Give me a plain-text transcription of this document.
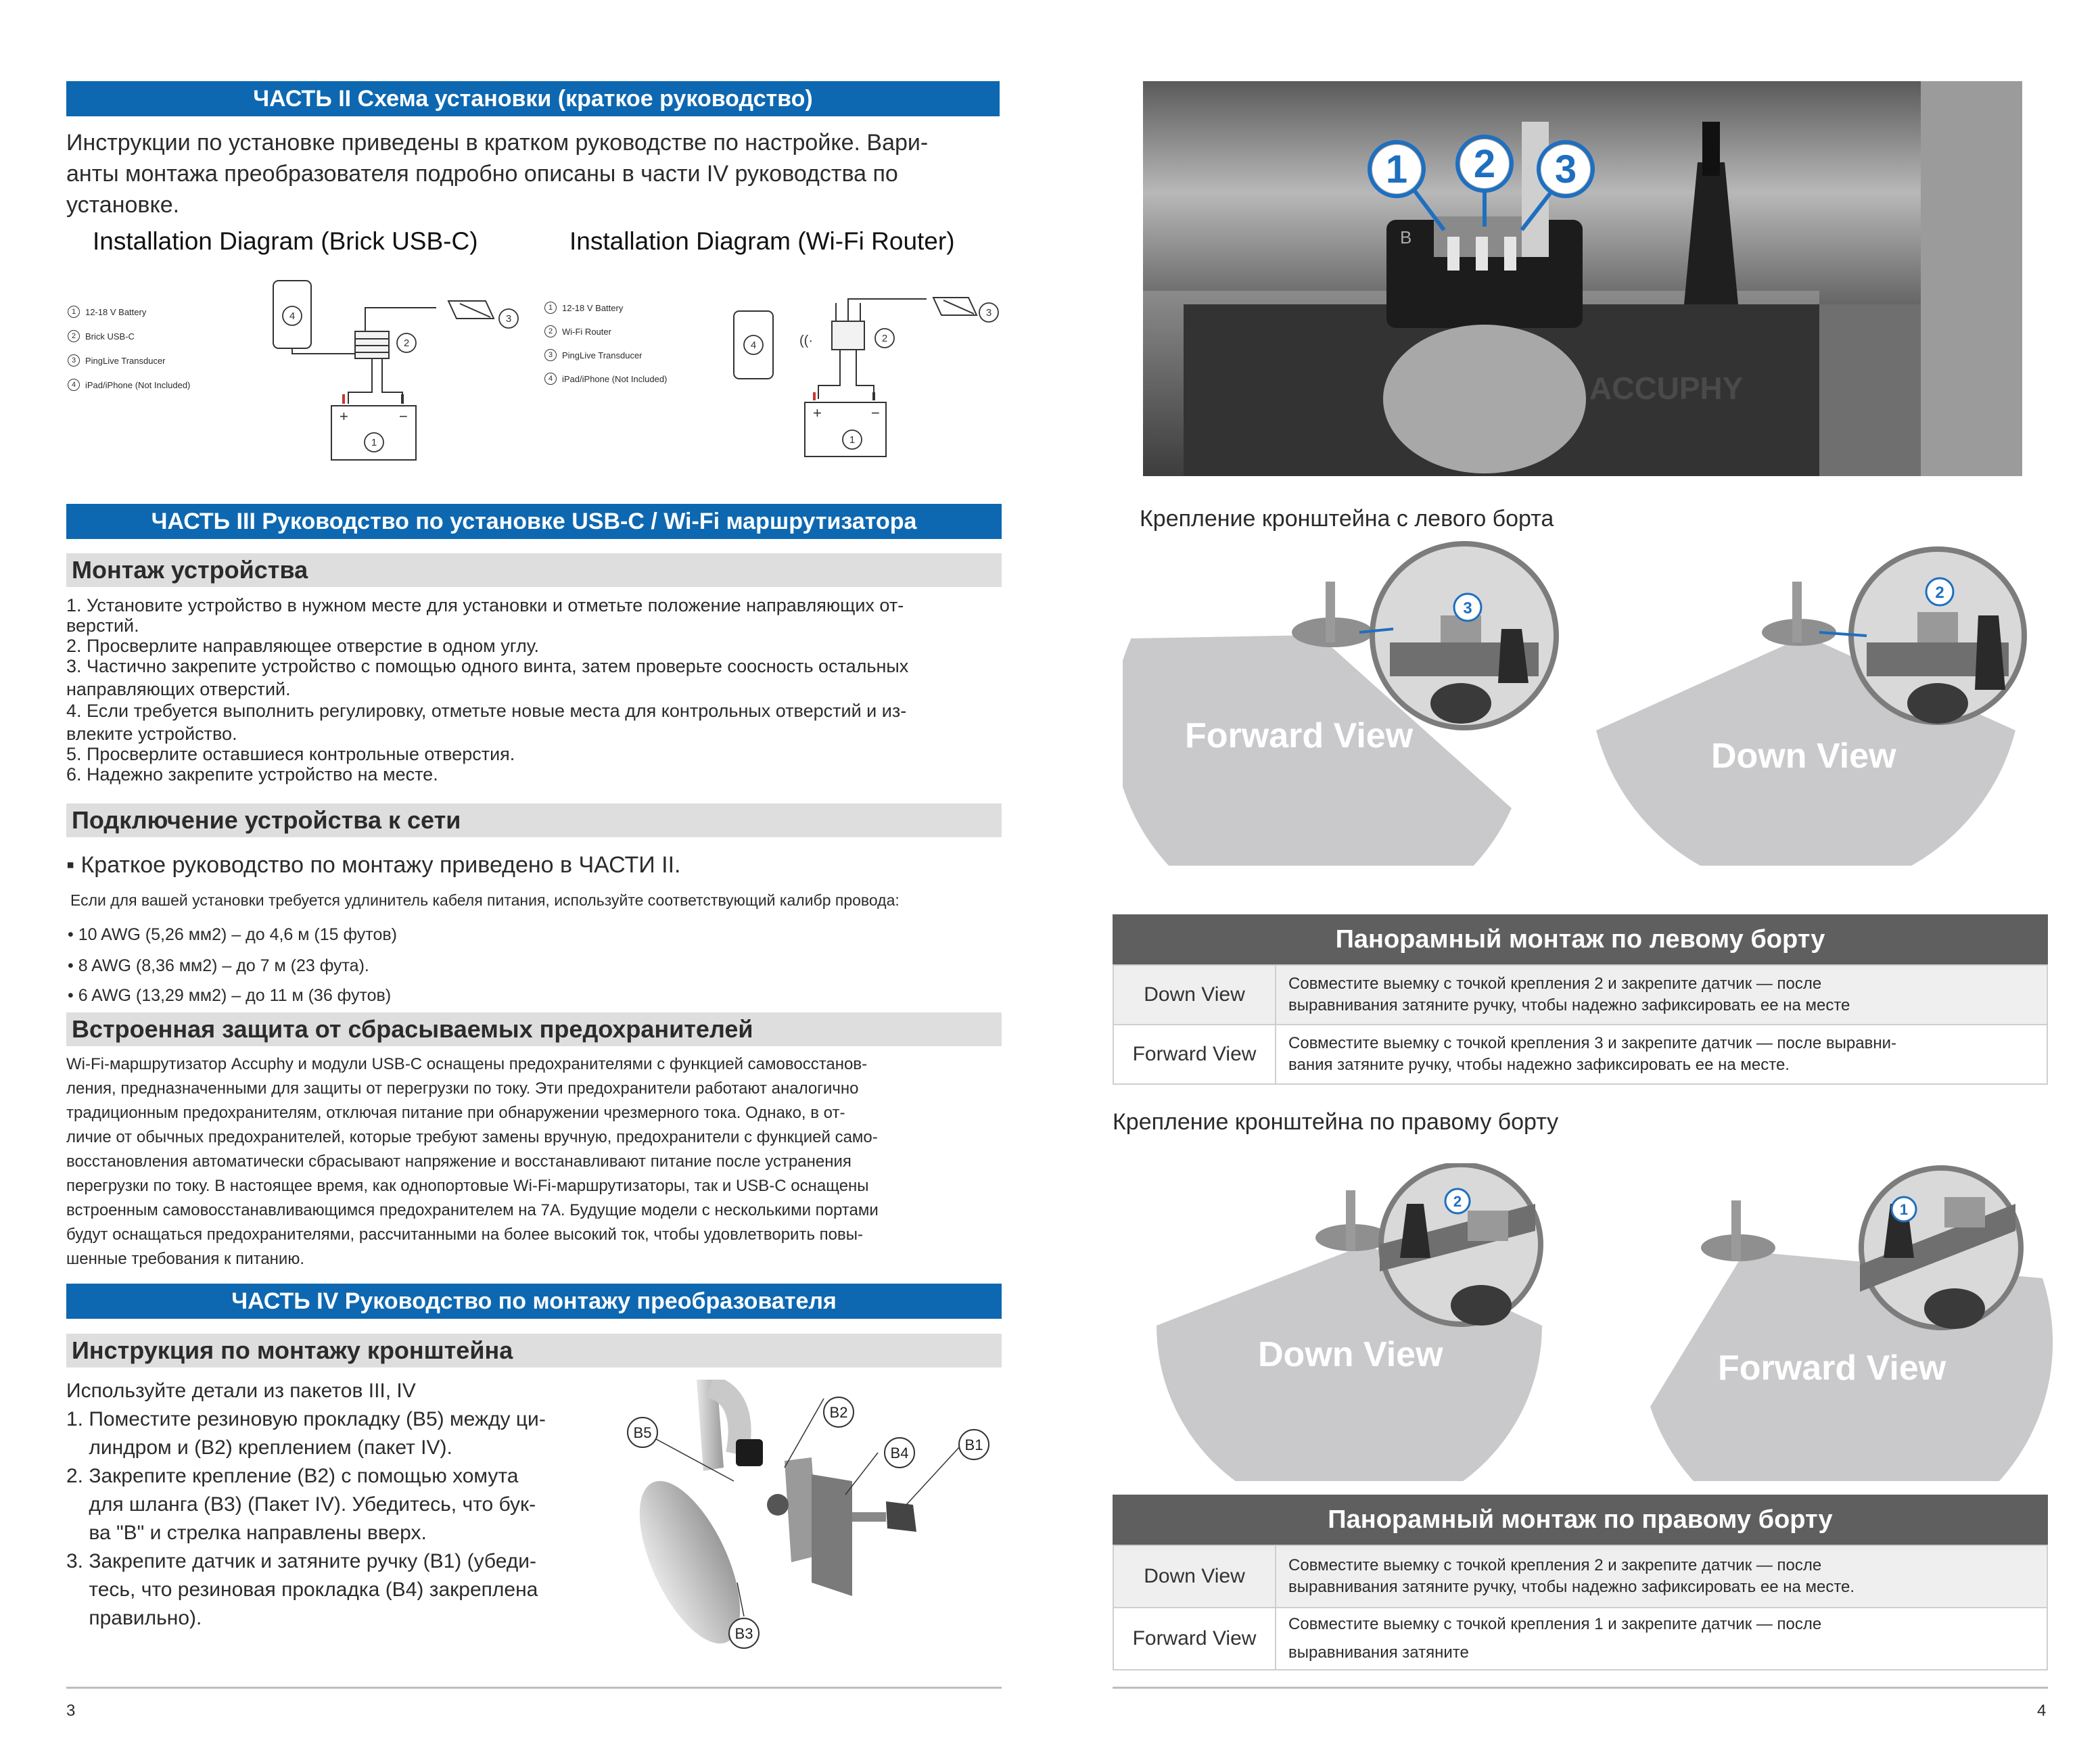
ЧАСТЬ II Схема установки (краткое руководство)
Инструкции по установке приведены в кратком руководстве по настройке. Вари-
анты монтажа преобразователя подробно описаны в части IV руководства по
установке.
Installation Diagram (Brick USB-C)	Installation Diagram (Wi-Fi Router)
1	12-18 V Battery
2	Brick USB-C
3	PingLive Transducer
4	iPad/iPhone (Not Included)
4
2
3
1
+	−
1	12-18 V Battery
2	Wi-Fi Router
3	PingLive Transducer
4	iPad/iPhone (Not Included)
((·
4
2
3
1
+	−
ЧАСТЬ III Руководство по установке USB-C / Wi-Fi маршрутизатора
Монтаж устройства
1. Установите устройство в нужном месте для установки и отметьте положение направляющих от-
верстий.
2. Просверлите направляющее отверстие в одном углу.
3. Частично закрепите устройство с помощью одного винта, затем проверьте соосность остальных
направляющих отверстий.
4. Если требуется выполнить регулировку, отметьте новые места для контрольных отверстий и из-
влеките устройство.
5. Просверлите оставшиеся контрольные отверстия.
6. Надежно закрепите устройство на месте.
Подключение устройства к сети
▪ Краткое руководство по монтажу приведено в ЧАСТИ II.
Если для вашей установки требуется удлинитель кабеля питания, используйте соответствующий калибр провода:
• 10 AWG (5,26 мм2) – до 4,6 м (15 футов)
• 8 AWG (8,36 мм2) – до 7 м (23 фута).
• 6 AWG (13,29 мм2) – до 11 м (36 футов)
Встроенная защита от сбрасываемых предохранителей
Wi-Fi-маршрутизатор Accuphy и модули USB-C оснащены предохранителями с функцией самовосстанов-
ления, предназначенными для защиты от перегрузки по току. Эти предохранители работают аналогично
традиционным предохранителям, отключая питание при обнаружении чрезмерного тока. Однако, в от-
личие от обычных предохранителей, которые требуют замены вручную, предохранители с функцией само-
восстановления автоматически сбрасывают напряжение и восстанавливают питание после устранения
перегрузки по току. В настоящее время, как однопортовые Wi-Fi-маршрутизаторы, так и USB-C оснащены
встроенным самовосстанавливающимся предохранителем на 7А. Будущие модели с несколькими портами
будут оснащаться предохранителями, рассчитанными на более высокий ток, чтобы удовлетворить повы-
шенные требования к питанию.
ЧАСТЬ IV Руководство по монтажу преобразователя
Инструкция по монтажу кронштейна
Используйте детали из пакетов III, IV
1. Поместите резиновую прокладку (В5) между ци-
линдром и (В2) креплением (пакет IV).
2. Закрепите крепление (В2) с помощью хомута
для шланга (В3) (Пакет IV). Убедитесь, что бук-
ва "В" и стрелка направлены вверх.
3. Закрепите датчик и затяните ручку (В1) (убеди-
тесь, что резиновая прокладка (В4) закреплена
правильно).
B5
B2
B4	B1
B3
3
1 2 3
B
ACCUPHY
Крепление кронштейна с левого борта
3
Forward View
2
Down View
Панорамный монтаж по левому борту
Down View	Совместите выемку с точкой крепления 2 и закрепите датчик — после
выравнивания затяните ручку, чтобы надежно зафиксировать ее на месте

Forward View	Совместите выемку с точкой крепления 3 и закрепите датчик — после выравни-
вания затяните ручку, чтобы надежно зафиксировать ее на месте.
Крепление кронштейна по правому борту
2
Down View
1
Forward View
Панорамный монтаж по правому борту
Down View	Совместите выемку с точкой крепления 2 и закрепите датчик — после
выравнивания затяните ручку, чтобы надежно зафиксировать ее на месте.

Forward View	Совместите выемку с точкой крепления 1 и закрепите датчик — после
выравнивания затяните
4
